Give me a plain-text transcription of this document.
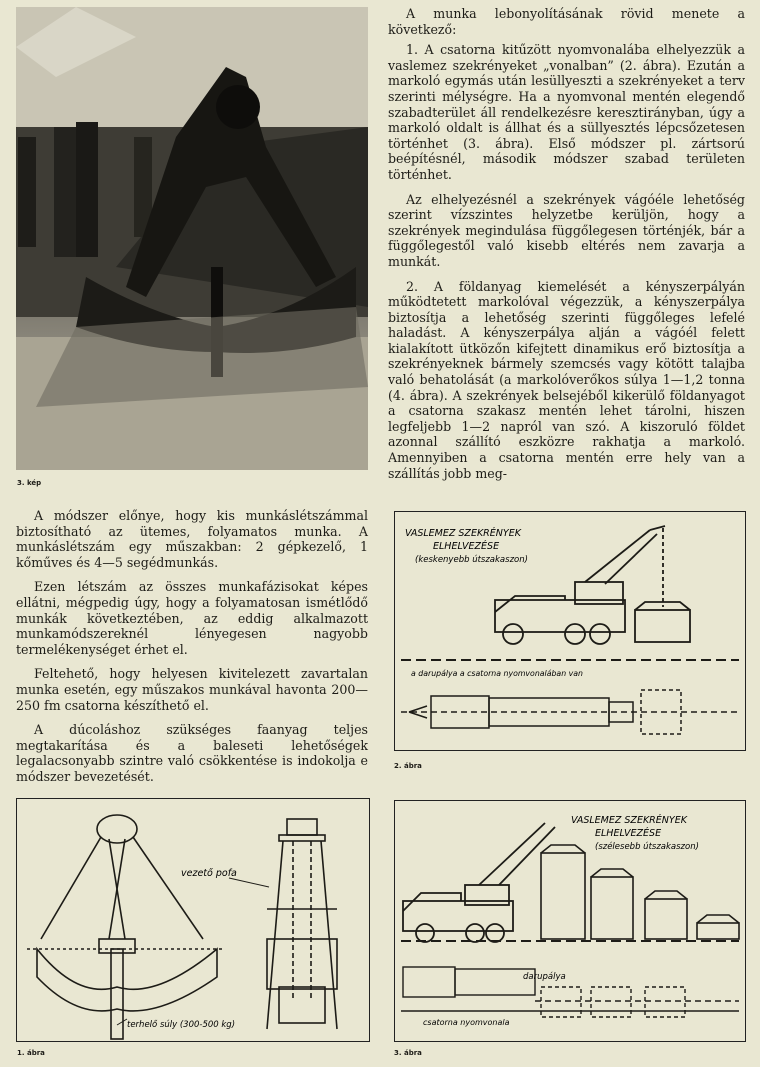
3. kép

A munka lebonyolításának rövid menete a következő:

1. A csatorna kitűzött nyomvonalába elhelyezzük a vaslemez szekrényeket „vonalban” (2. ábra). Ezután a markoló egymás után lesüllyeszti a szekrényeket a terv szerinti mélységre. Ha a nyomvonal mentén elegendő szabadterület áll rendelkezésre keresztirányban, úgy a markoló oldalt is állhat és a süllyesztés lépcsőzetesen történhet (3. ábra). Első módszer pl. zártsorú beépítésnél, második módszer szabad területen történhet.

Az elhelyezésnél a szekrények vágóéle lehetőség szerint vízszintes helyzetbe kerüljön, hogy a szekrények megindulása függőlegesen történjék, bár a függőlegestől való kisebb eltérés nem zavarja a munkát.

2. A földanyag kiemelését a kényszerpályán működtetett markolóval végezzük, a kényszerpálya biztosítja a lehetőség szerinti függőleges lefelé haladást. A kényszerpálya alján a vágóél felett kialakított ütközőn kifejtett dinamikus erő biztosítja a szekrényeknek bármely szemcsés vagy kötött talajba való behatolását (a markolóverőkos súlya 1—1,2 tonna (4. ábra). A szekrények belsejéből kikerülő földanyagot a csatorna szakasz mentén lehet tárolni, hiszen legfeljebb 1—2 napról van szó. A kiszoruló földet azonnal szállító eszközre rakhatja a markoló. Amennyiben a csatorna mentén erre hely van a szállítás jobb meg-

A módszer előnye, hogy kis munkáslétszámmal biztosítható az ütemes, folyamatos munka. A munkáslétszám egy műszakban: 2 gépkezelő, 1 kőműves és 4—5 segédmunkás.

Ezen létszám az összes munkafázisokat képes ellátni, mégpedig úgy, hogy a folyamatosan ismétlődő munkák következtében, az eddig alkalmazott munkamódszereknél lényegesen nagyobb termelékenységet érhet el.

Feltehető, hogy helyesen kivitelezett zavartalan munka esetén, egy műszakos munkával havonta 200—250 fm csatorna készíthető el.

A dúcoláshoz szükséges faanyag teljes megtakarítása és a baleseti lehetőségek legalacsonyabb szintre való csökkentése is indokolja e módszer bevezetését.

VASLEMEZ SZEKRÉNYEK
ELHELVEZÉSE
(keskenyebb útszakaszon)
a darupálya a csatorna nyomvonalában van
2. ábra
vezető pofa
terhelő súly (300-500 kg)
1. ábra
VASLEMEZ SZEKRÉNYEK
ELHELVEZÉSE
(szélesebb útszakaszon)
darupálya
csatorna nyomvonala
3. ábra
